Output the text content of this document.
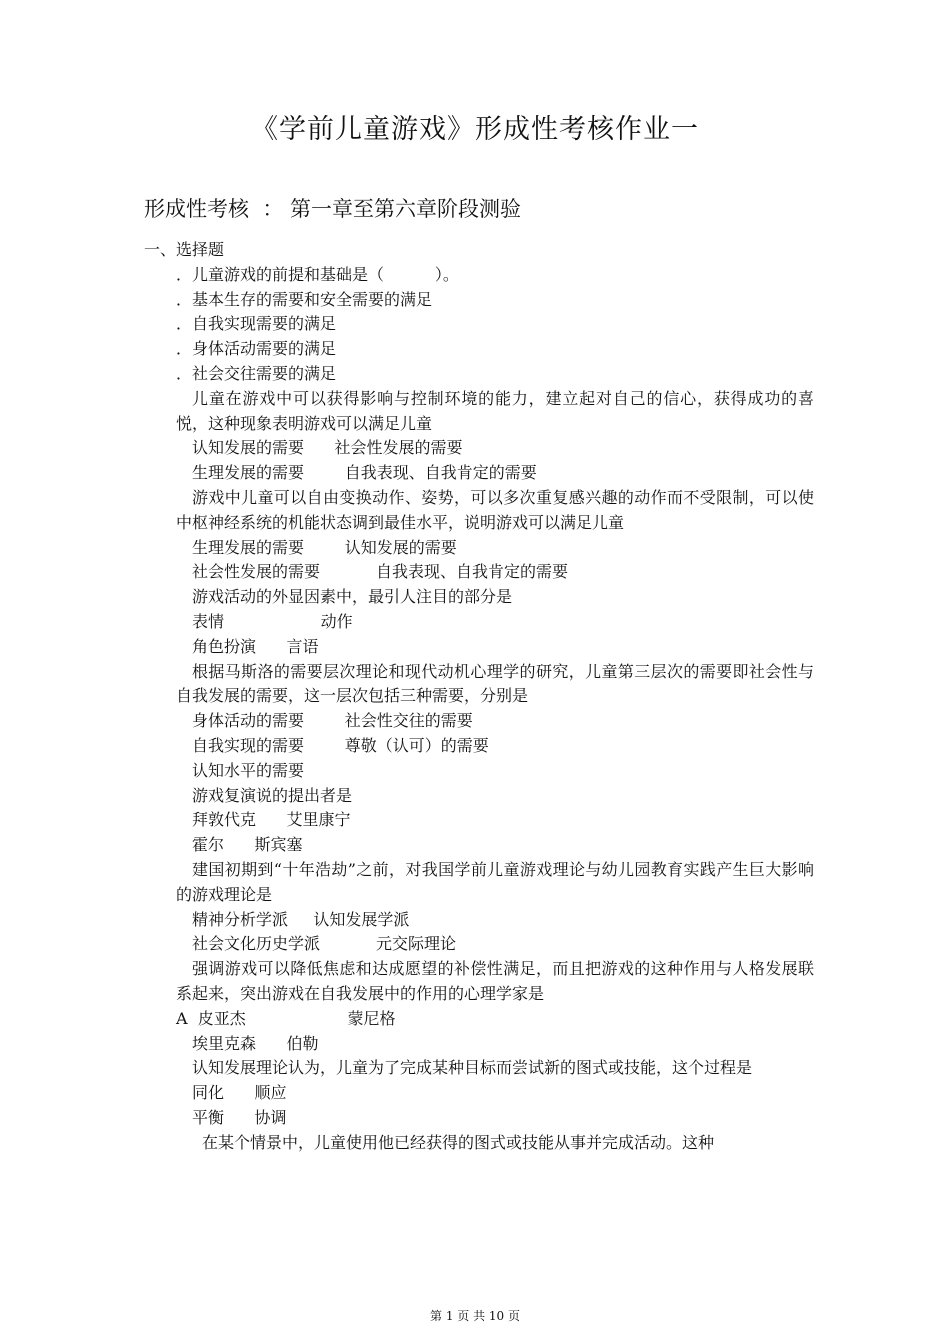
《学前儿童游戏》形成性考核作业一
形成性考核  ： 第一章至第六章阶段测验
一、选择题
．儿童游戏的前提和基础是（          ）。
．基本生存的需要和安全需要的满足
．自我实现需要的满足
．身体活动需要的满足
．社会交往需要的满足
儿童在游戏中可以获得影响与控制环境的能力，建立起对自己的信心，获得成功的喜悦，这种现象表明游戏可以满足儿童
认知发展的需要      社会性发展的需要
生理发展的需要        自我表现、自我肯定的需要
游戏中儿童可以自由变换动作、姿势，可以多次重复感兴趣的动作而不受限制，可以使中枢神经系统的机能状态调到最佳水平，说明游戏可以满足儿童
生理发展的需要        认知发展的需要
社会性发展的需要           自我表现、自我肯定的需要
游戏活动的外显因素中，最引人注目的部分是
表情                   动作
角色扮演      言语
根据马斯洛的需要层次理论和现代动机心理学的研究，儿童第三层次的需要即社会性与自我发展的需要，这一层次包括三种需要，分别是
身体活动的需要        社会性交往的需要
自我实现的需要        尊敬（认可）的需要
认知水平的需要
游戏复演说的提出者是
拜敦代克      艾里康宁
霍尔      斯宾塞
建国初期到“十年浩劫”之前，对我国学前儿童游戏理论与幼儿园教育实践产生巨大影响的游戏理论是
精神分析学派     认知发展学派
社会文化历史学派           元交际理论
强调游戏可以降低焦虑和达成愿望的补偿性满足，而且把游戏的这种作用与人格发展联系起来，突出游戏在自我发展中的作用的心理学家是
A  皮亚杰                    蒙尼格
埃里克森      伯勒
认知发展理论认为，儿童为了完成某种目标而尝试新的图式或技能，这个过程是
同化      顺应
平衡      协调
在某个情景中，儿童使用他已经获得的图式或技能从事并完成活动。这种
第 1 页 共 10 页
